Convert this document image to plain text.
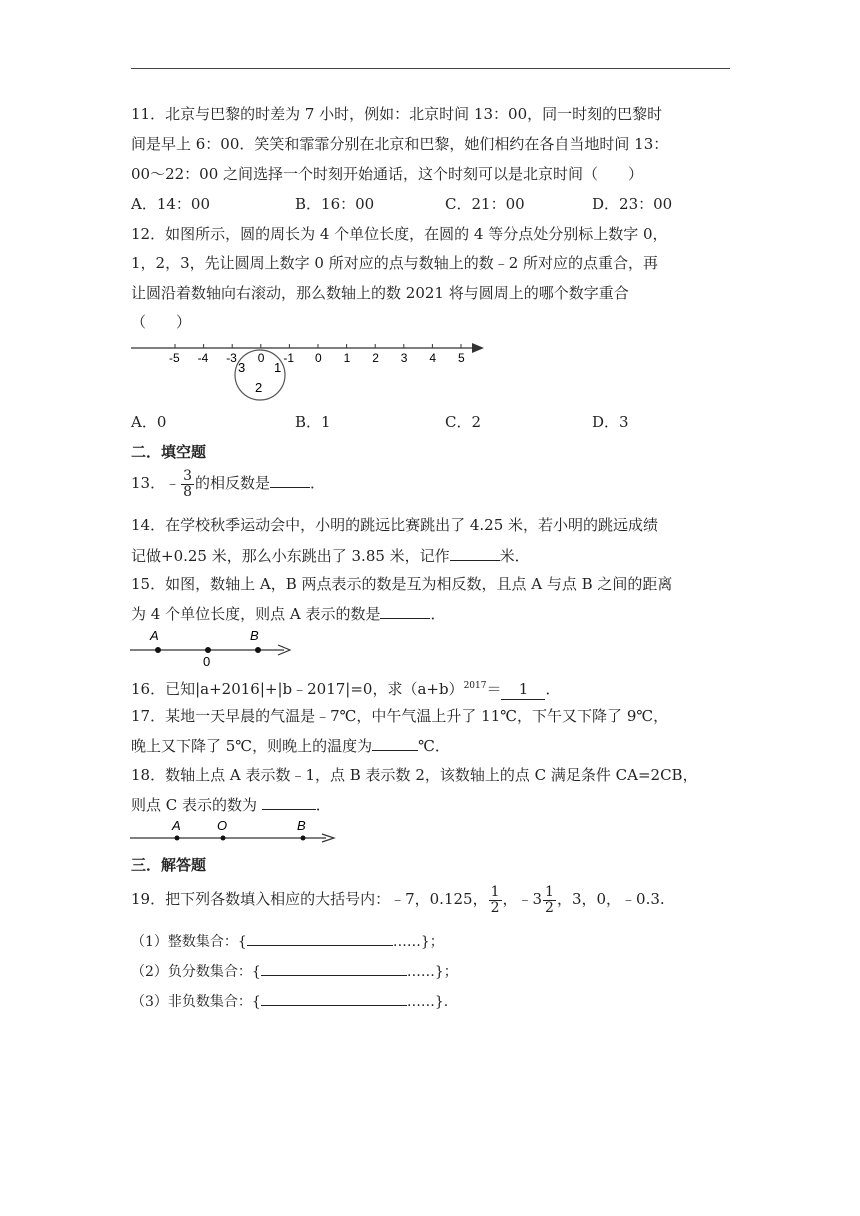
11．北京与巴黎的时差为 7 小时，例如：北京时间 13：00，同一时刻的巴黎时
间是早上 6：00．笑笑和霏霏分别在北京和巴黎，她们相约在各自当地时间 13：
00～22：00 之间选择一个时刻开始通话，这个时刻可以是北京时间（　　）
A．14：00	B．16：00	C．21：00	D．23：00
12．如图所示，圆的周长为 4 个单位长度，在圆的 4 等分点处分别标上数字 0，
1，2，3，先让圆周上数字 0 所对应的点与数轴上的数﹣2 所对应的点重合，再
让圆沿着数轴向右滚动，那么数轴上的数 2021 将与圆周上的哪个数字重合
（　　）
-5 -4 -3 0 -1 0 1 2 3 4 5
3 1
2
A．0	B．1	C．2	D．3
二．填空题
13．﹣ $\frac{3}{8}$ 的相反数是	．
14．在学校秋季运动会中，小明的跳远比赛跳出了 4.25 米，若小明的跳远成绩
记做+0.25 米，那么小东跳出了 3.85 米，记作	米．
15．如图，数轴上 A，B 两点表示的数是互为相反数，且点 A 与点 B 之间的距离
为 4 个单位长度，则点 A 表示的数是	．
A	B
0
16．已知|a+2016|+|b﹣2017|=0，求$(a+b)^{2017}= 1$ ．
17．某地一天早晨的气温是﹣7℃，中午气温上升了 11℃，下午又下降了 9℃，
晚上又下降了 5℃，则晚上的温度为	℃．
18．数轴上点 A 表示数﹣1，点 B 表示数 2，该数轴上的点 C 满足条件 CA=2CB，
则点 C 表示的数为	．
A	O	B
三．解答题
19．把下列各数填入相应的大括号内：﹣7，0.125， $\frac{1}{2}$ ，﹣3 $\frac{1}{2}$ ，3，0，﹣0.3.
（1）整数集合：{	……}；
（2）负分数集合：{	……}；
（3）非负数集合：{	……}.
